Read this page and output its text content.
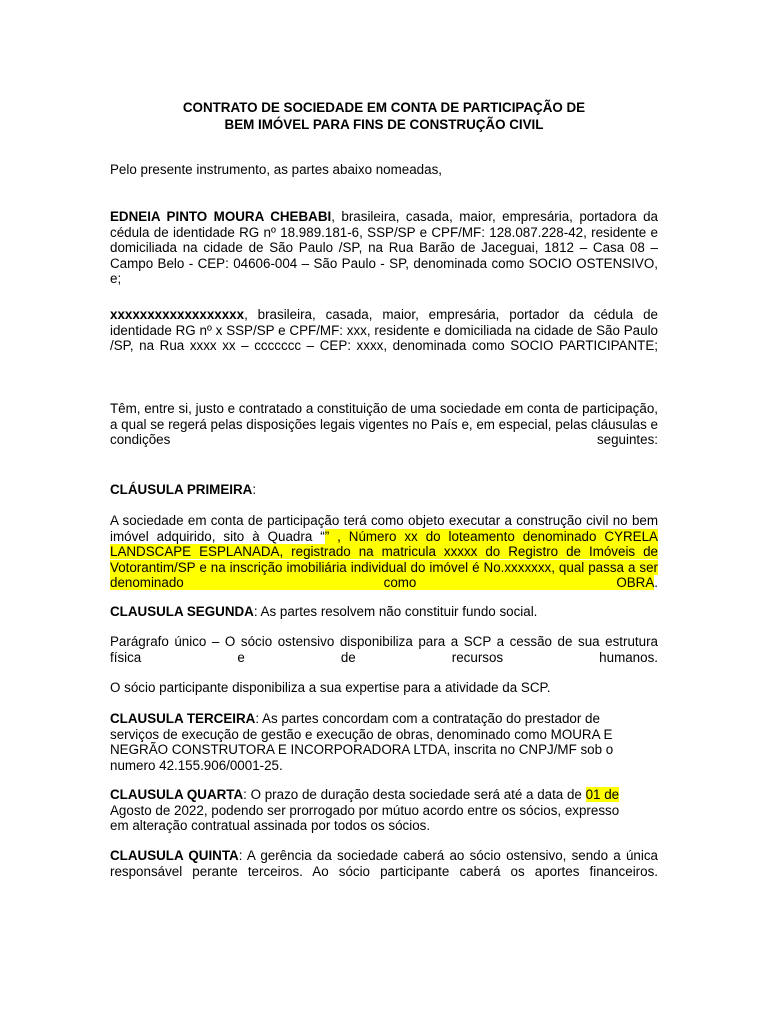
CONTRATO DE SOCIEDADE EM CONTA DE PARTICIPAÇÃO DE
BEM IMÓVEL PARA FINS DE CONSTRUÇÃO CIVIL
Pelo presente instrumento, as partes abaixo nomeadas,
EDNEIA PINTO MOURA CHEBABI, brasileira, casada, maior, empresária, portadora da cédula de identidade RG nº 18.989.181-6, SSP/SP e CPF/MF: 128.087.228-42, residente e domiciliada na cidade de São Paulo /SP, na Rua Barão de Jaceguai, 1812 – Casa 08 – Campo Belo - CEP: 04606-004 – São Paulo - SP, denominada como SOCIO OSTENSIVO, e;
xxxxxxxxxxxxxxxxxx, brasileira, casada, maior, empresária, portador da cédula de identidade RG nº x SSP/SP e CPF/MF: xxx, residente e domiciliada na cidade de São Paulo /SP, na Rua xxxx xx – ccccccc – CEP: xxxx, denominada como SOCIO PARTICIPANTE;
Têm, entre si, justo e contratado a constituição de uma sociedade em conta de participação, a qual se regerá pelas disposições legais vigentes no País e, em especial, pelas cláusulas e condições seguintes:
CLÁUSULA PRIMEIRA:
A sociedade em conta de participação terá como objeto executar a construção civil no bem imóvel adquirido, sito à Quadra “” , Número xx do loteamento denominado CYRELA LANDSCAPE ESPLANADA, registrado na matricula xxxxx do Registro de Imóveis de Votorantim/SP e na inscrição imobiliária individual do imóvel é No.xxxxxxx, qual passa a ser denominado como OBRA.
CLAUSULA SEGUNDA: As partes resolvem não constituir fundo social.
Parágrafo único – O sócio ostensivo disponibiliza para a SCP a cessão de sua estrutura física e de recursos humanos.
O sócio participante disponibiliza a sua expertise para a atividade da SCP.
CLAUSULA TERCEIRA: As partes concordam com a contratação do prestador de
serviços de execução de gestão e execução de obras, denominado como MOURA E
NEGRÃO CONSTRUTORA E INCORPORADORA LTDA, inscrita no CNPJ/MF sob o
numero 42.155.906/0001-25.
CLAUSULA QUARTA: O prazo de duração desta sociedade será até a data de 01 de
Agosto de 2022, podendo ser prorrogado por mútuo acordo entre os sócios, expresso
em alteração contratual assinada por todos os sócios.
CLAUSULA QUINTA: A gerência da sociedade caberá ao sócio ostensivo, sendo a única responsável perante terceiros. Ao sócio participante caberá os aportes financeiros.
